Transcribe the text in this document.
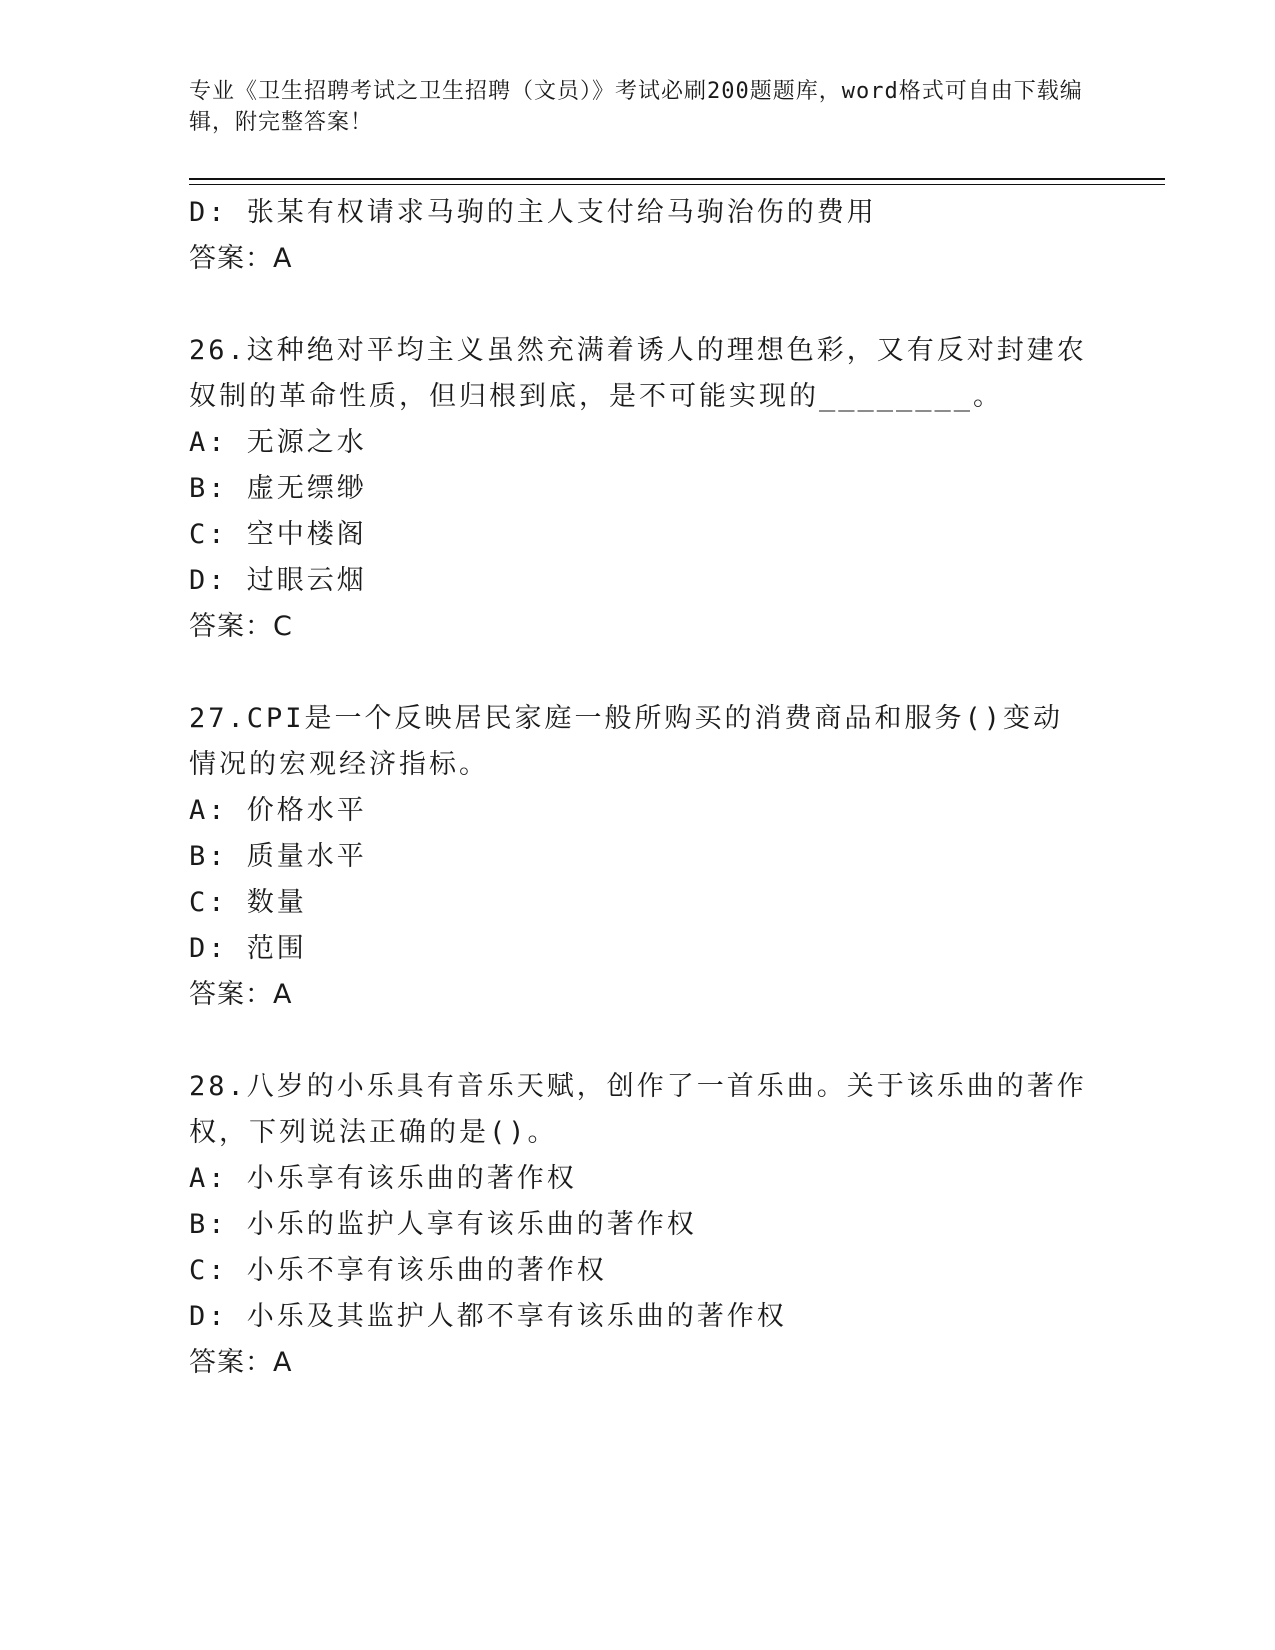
专业《卫生招聘考试之卫生招聘（文员）》考试必刷200题题库，word格式可自由下载编辑，附完整答案！
D: 张某有权请求马驹的主人支付给马驹治伤的费用
答案：A
26.这种绝对平均主义虽然充满着诱人的理想色彩，又有反对封建农奴制的革命性质，但归根到底，是不可能实现的________。
A: 无源之水
B: 虚无缥缈
C: 空中楼阁
D: 过眼云烟
答案：C
27.CPI是一个反映居民家庭一般所购买的消费商品和服务()变动情况的宏观经济指标。
A: 价格水平
B: 质量水平
C: 数量
D: 范围
答案：A
28.八岁的小乐具有音乐天赋，创作了一首乐曲。关于该乐曲的著作权，下列说法正确的是()。
A: 小乐享有该乐曲的著作权
B: 小乐的监护人享有该乐曲的著作权
C: 小乐不享有该乐曲的著作权
D: 小乐及其监护人都不享有该乐曲的著作权
答案：A
